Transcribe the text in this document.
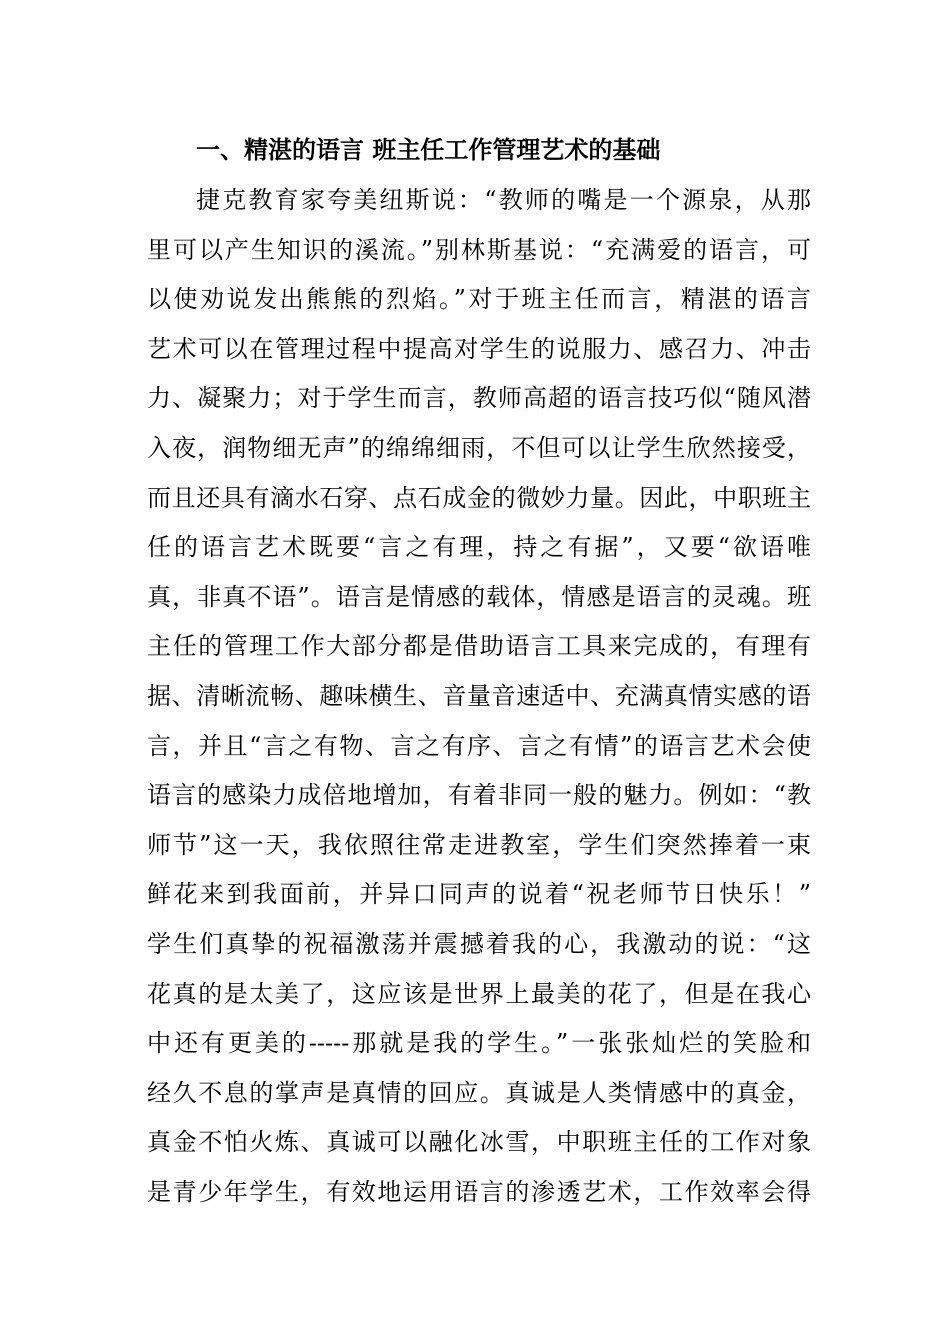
一、精湛的语言 班主任工作管理艺术的基础
捷克教育家夸美纽斯说：“教师的嘴是一个源泉，从那
里可以产生知识的溪流。”别林斯基说：“充满爱的语言，可
以使劝说发出熊熊的烈焰。”对于班主任而言，精湛的语言
艺术可以在管理过程中提高对学生的说服力、感召力、冲击
力、凝聚力；对于学生而言，教师高超的语言技巧似“随风潜
入夜，润物细无声”的绵绵细雨，不但可以让学生欣然接受，
而且还具有滴水石穿、点石成金的微妙力量。因此，中职班主
任的语言艺术既要“言之有理，持之有据”，又要“欲语唯
真，非真不语”。语言是情感的载体，情感是语言的灵魂。班
主任的管理工作大部分都是借助语言工具来完成的，有理有
据、清晰流畅、趣味横生、音量音速适中、充满真情实感的语
言，并且“言之有物、言之有序、言之有情”的语言艺术会使
语言的感染力成倍地增加，有着非同一般的魅力。例如：“教
师节”这一天，我依照往常走进教室，学生们突然捧着一束
鲜花来到我面前，并异口同声的说着“祝老师节日快乐！”
学生们真挚的祝福激荡并震撼着我的心，我激动的说：“这
花真的是太美了，这应该是世界上最美的花了，但是在我心
中还有更美的-----那就是我的学生。”一张张灿烂的笑脸和
经久不息的掌声是真情的回应。真诚是人类情感中的真金，
真金不怕火炼、真诚可以融化冰雪，中职班主任的工作对象
是青少年学生，有效地运用语言的渗透艺术，工作效率会得
